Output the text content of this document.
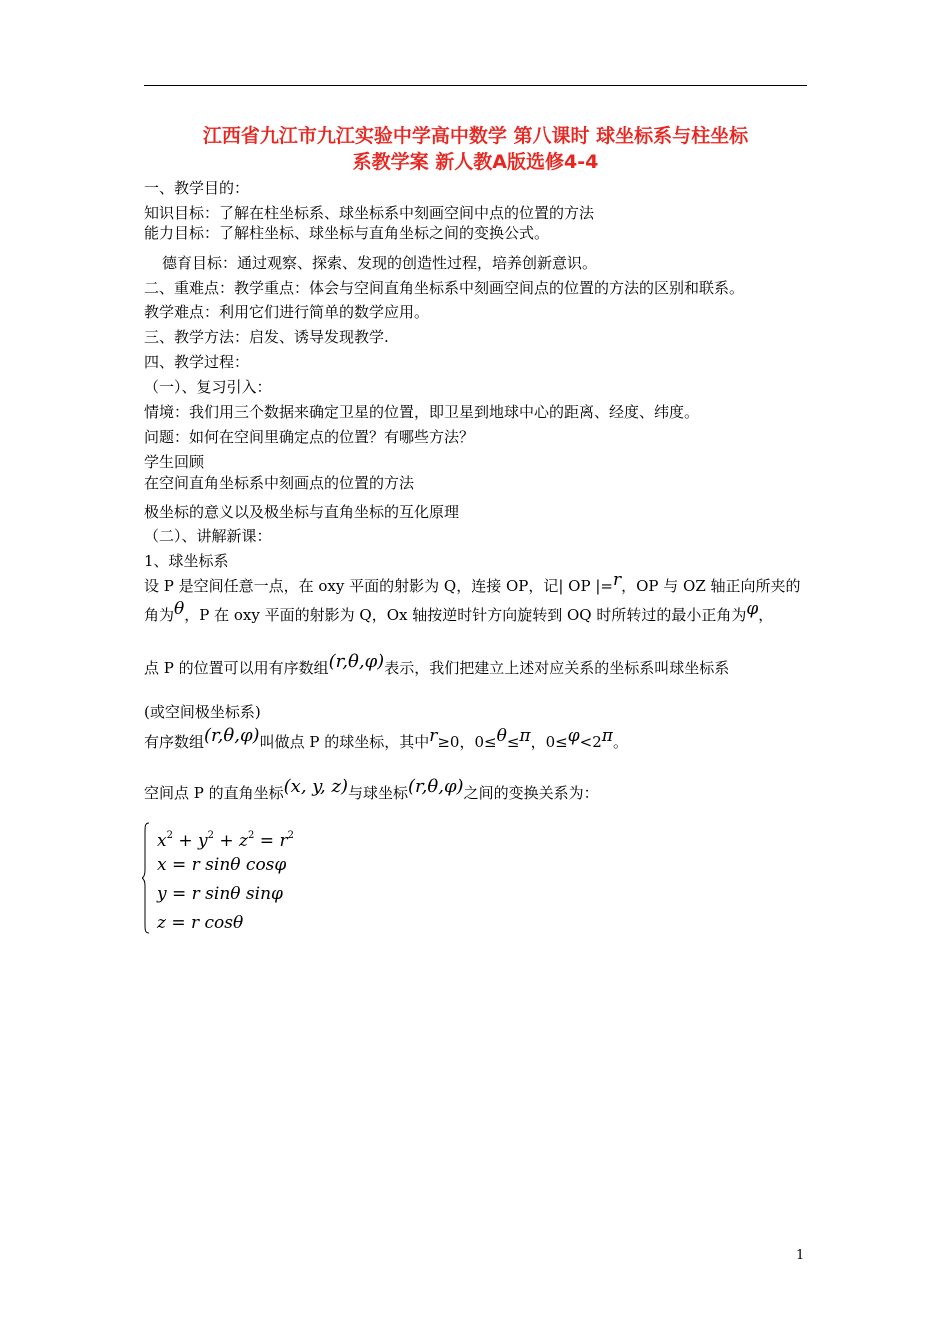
江西省九江市九江实验中学高中数学 第八课时 球坐标系与柱坐标
系教学案 新人教A版选修4-4
一、教学目的：
知识目标：了解在柱坐标系、球坐标系中刻画空间中点的位置的方法
能力目标：了解柱坐标、球坐标与直角坐标之间的变换公式。
德育目标：通过观察、探索、发现的创造性过程，培养创新意识。
二、重难点：教学重点：体会与空间直角坐标系中刻画空间点的位置的方法的区别和联系。
教学难点：利用它们进行简单的数学应用。
三、教学方法：启发、诱导发现教学.
四、教学过程：
（一）、复习引入：
情境：我们用三个数据来确定卫星的位置，即卫星到地球中心的距离、经度、纬度。
问题：如何在空间里确定点的位置？有哪些方法？
学生回顾
在空间直角坐标系中刻画点的位置的方法
极坐标的意义以及极坐标与直角坐标的互化原理
（二）、讲解新课：
1、球坐标系
设 P 是空间任意一点，在 oxy 平面的射影为 Q，连接 OP，记| OP |=r，OP 与 OZ 轴正向所夹的
角为θ，P 在 oxy 平面的射影为 Q，Ox 轴按逆时针方向旋转到 OQ 时所转过的最小正角为φ，
点 P 的位置可以用有序数组(r,θ,φ)表示，我们把建立上述对应关系的坐标系叫球坐标系
(或空间极坐标系)
有序数组(r,θ,φ)叫做点 P 的球坐标，其中r≥0，0≤θ≤π，0≤φ<2π。
空间点 P 的直角坐标(x, y, z)与球坐标(r,θ,φ)之间的变换关系为：
$x^2 + y^2 + z^2 = r^2$
x = r sinθ cosφ
y = r sinθ sinφ
z = r cosθ
1
